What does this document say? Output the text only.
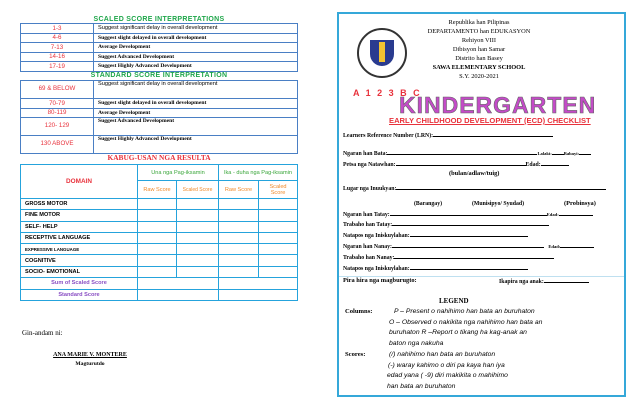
SCALED SCORE INTERPRETATIONS
1-3	Suggest significant delay in overall development
4-6	Suggest slight delayed in overall development
7-13	Average Development
14-16	Suggest Advanced Development
17-19	Suggest Highly Advanced Development
STANDARD SCORE INTERPRETATION
69 & BELOW	Suggest significant delay in overall development
70-79	Suggest slight delayed in overall development
80-119	Average Development
120- 129	Suggest Advanced Development
130 ABOVE	Suggest Highly Advanced Development
KABUG-USAN NGA RESULTA
DOMAIN	Una nga Pag-iksamin		Ika - duha nga Pag-iksamin	
	Raw Score	Scaled Score	Raw Score	Scaled Score
GROSS MOTOR				
FINE MOTOR				
SELF- HELP				
RECEPTIVE LANGUAGE				
EXPRESSIVE LANGUAGE				
COGNITIVE				
SOCIO- EMOTIONAL				
Sum of Scaled Score				
Standard Score				
Gin-andam ni:
ANA MARIE V. MONTERE
Magturutdo
Republika han Pilipinas
DEPARTAMENTO han EDUKASYON
Rehiyon VIII
Dibisyon han Samar
Distrito han Basey
SAWA ELEMENTARY SCHOOL
S.Y. 2020-2021
A 1 2 3 B C
KINDERGARTEN
EARLY CHILDHOOD DEVELOPMENT (ECD) CHECKLIST
Learners Reference Number (LRN):
Ngaran han Bata:	Lalaki:	Babayi:
Petsa nga Natawhan:	Edad:
(bulan/adlaw/tuig)
Lugar nga Inuukyan:
(Barangay)	(Munisipyo/ Syudad)	(Probinsya)
Ngaran han Tatay:	Edad:
Trabaho han Tatay:
Natapos nga Iniskuylahan:
Ngaran han Nanay:	Edad:
Trabaho han Nanay:
Natapos nga Iniskuylahan:
Pira hira nga magburugto:	Ikapira nga anak:
LEGEND
Columns:	P – Present o nahihimo han bata an buruhaton
O – Observed o nakikita nga nahihimo han bata an
buruhaton R –Report o tikang ha kag-anak an
baton nga nakuha
Scores:	(/) nahihimo han bata an buruhaton
(-) waray kahimo o diri pa kaya han iya
edad yana ( -9) diri makikita o mahihimo
han bata an buruhaton
